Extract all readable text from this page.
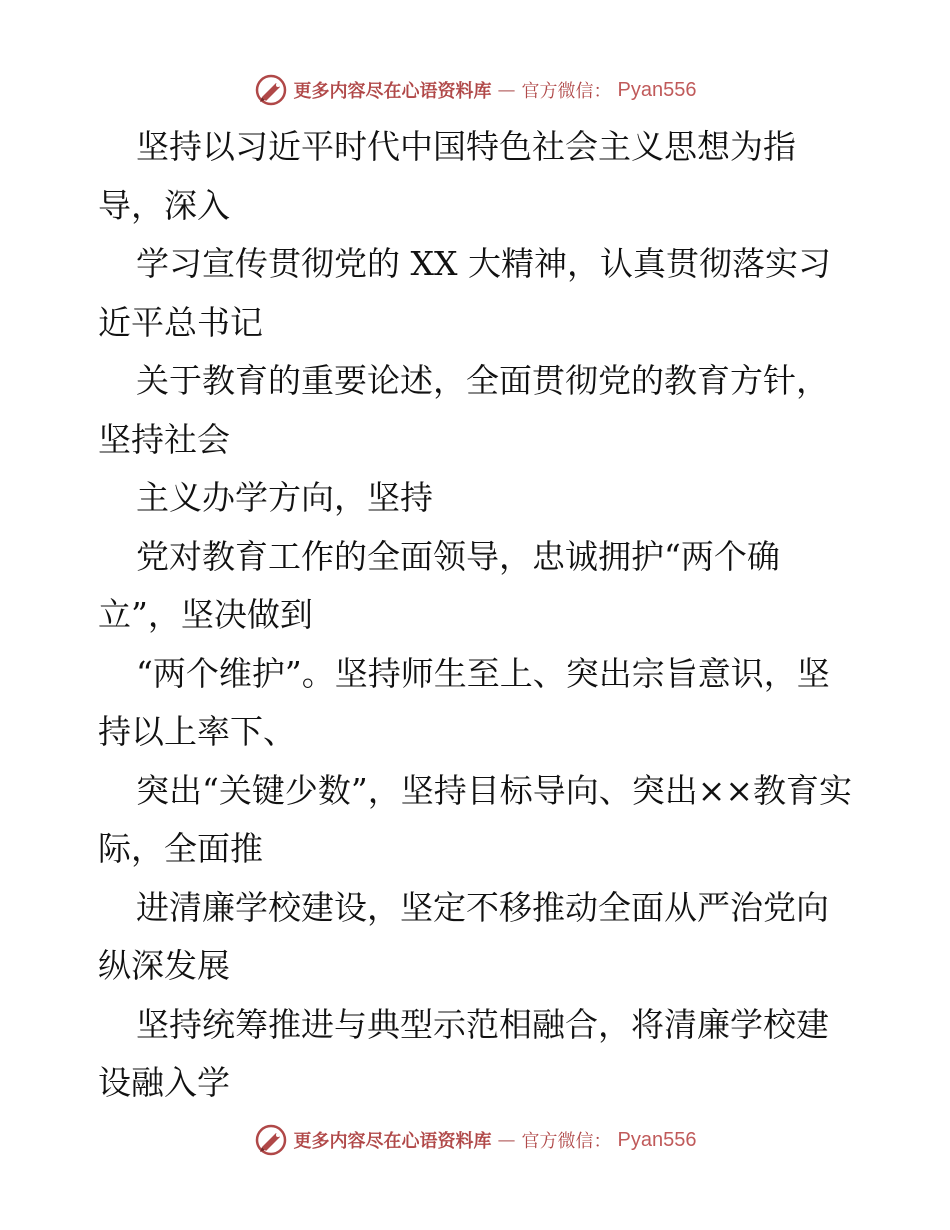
更多内容尽在心语资料库 — 官方微信： Pyan556

坚持以习近平时代中国特色社会主义思想为指导，深入

学习宣传贯彻党的 XX 大精神，认真贯彻落实习近平总书记

关于教育的重要论述，全面贯彻党的教育方针，坚持社会

主义办学方向，坚持

党对教育工作的全面领导，忠诚拥护“两个确立”，坚决做到

“两个维护”。坚持师生至上、突出宗旨意识，坚持以上率下、

突出“关键少数”，坚持目标导向、突出××教育实际，全面推

进清廉学校建设，坚定不移推动全面从严治党向纵深发展

坚持统筹推进与典型示范相融合，将清廉学校建设融入学

更多内容尽在心语资料库 — 官方微信： Pyan556
